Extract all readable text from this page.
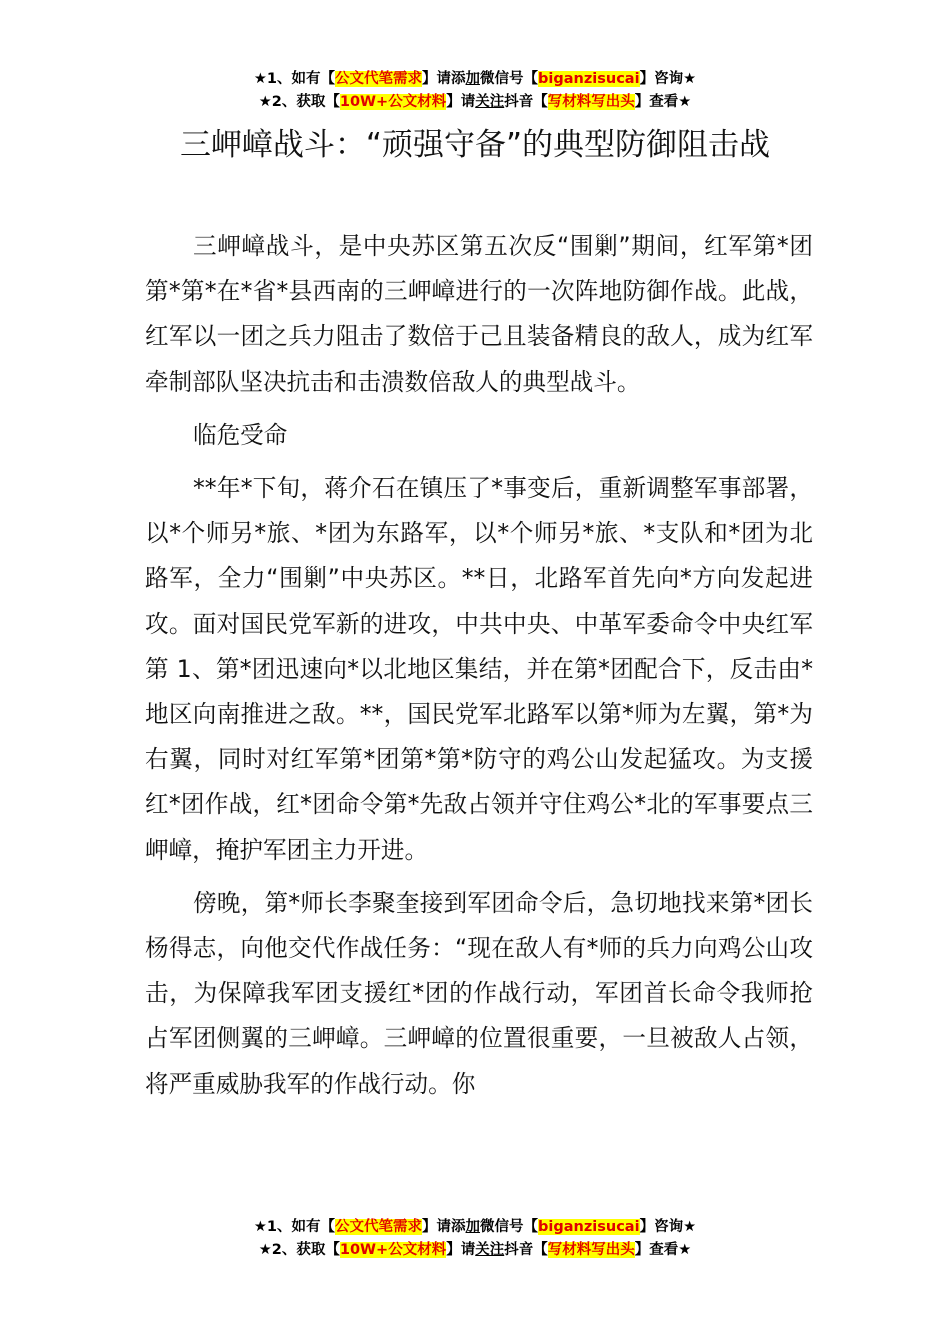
★1、如有【公文代笔需求】请添加微信号【biganzisucai】咨询★
★2、获取【10W+公文材料】请关注抖音【写材料写出头】查看★
三岬嶂战斗：“顽强守备”的典型防御阻击战

三岬嶂战斗，是中央苏区第五次反“围剿”期间，红军第*团第*第*在*省*县西南的三岬嶂进行的一次阵地防御作战。此战，红军以一团之兵力阻击了数倍于己且装备精良的敌人，成为红军牵制部队坚决抗击和击溃数倍敌人的典型战斗。

临危受命

**年*下旬，蒋介石在镇压了*事变后，重新调整军事部署，以*个师另*旅、*团为东路军，以*个师另*旅、*支队和*团为北路军，全力“围剿”中央苏区。**日，北路军首先向*方向发起进攻。面对国民党军新的进攻，中共中央、中革军委命令中央红军第 1、第*团迅速向*以北地区集结，并在第*团配合下，反击由*地区向南推进之敌。**，国民党军北路军以第*师为左翼，第*为右翼，同时对红军第*团第*第*防守的鸡公山发起猛攻。为支援红*团作战，红*团命令第*先敌占领并守住鸡公*北的军事要点三岬嶂，掩护军团主力开进。

傍晚，第*师长李聚奎接到军团命令后，急切地找来第*团长杨得志，向他交代作战任务：“现在敌人有*师的兵力向鸡公山攻击，为保障我军团支援红*团的作战行动，军团首长命令我师抢占军团侧翼的三岬嶂。三岬嶂的位置很重要，一旦被敌人占领，将严重威胁我军的作战行动。你

★1、如有【公文代笔需求】请添加微信号【biganzisucai】咨询★
★2、获取【10W+公文材料】请关注抖音【写材料写出头】查看★
